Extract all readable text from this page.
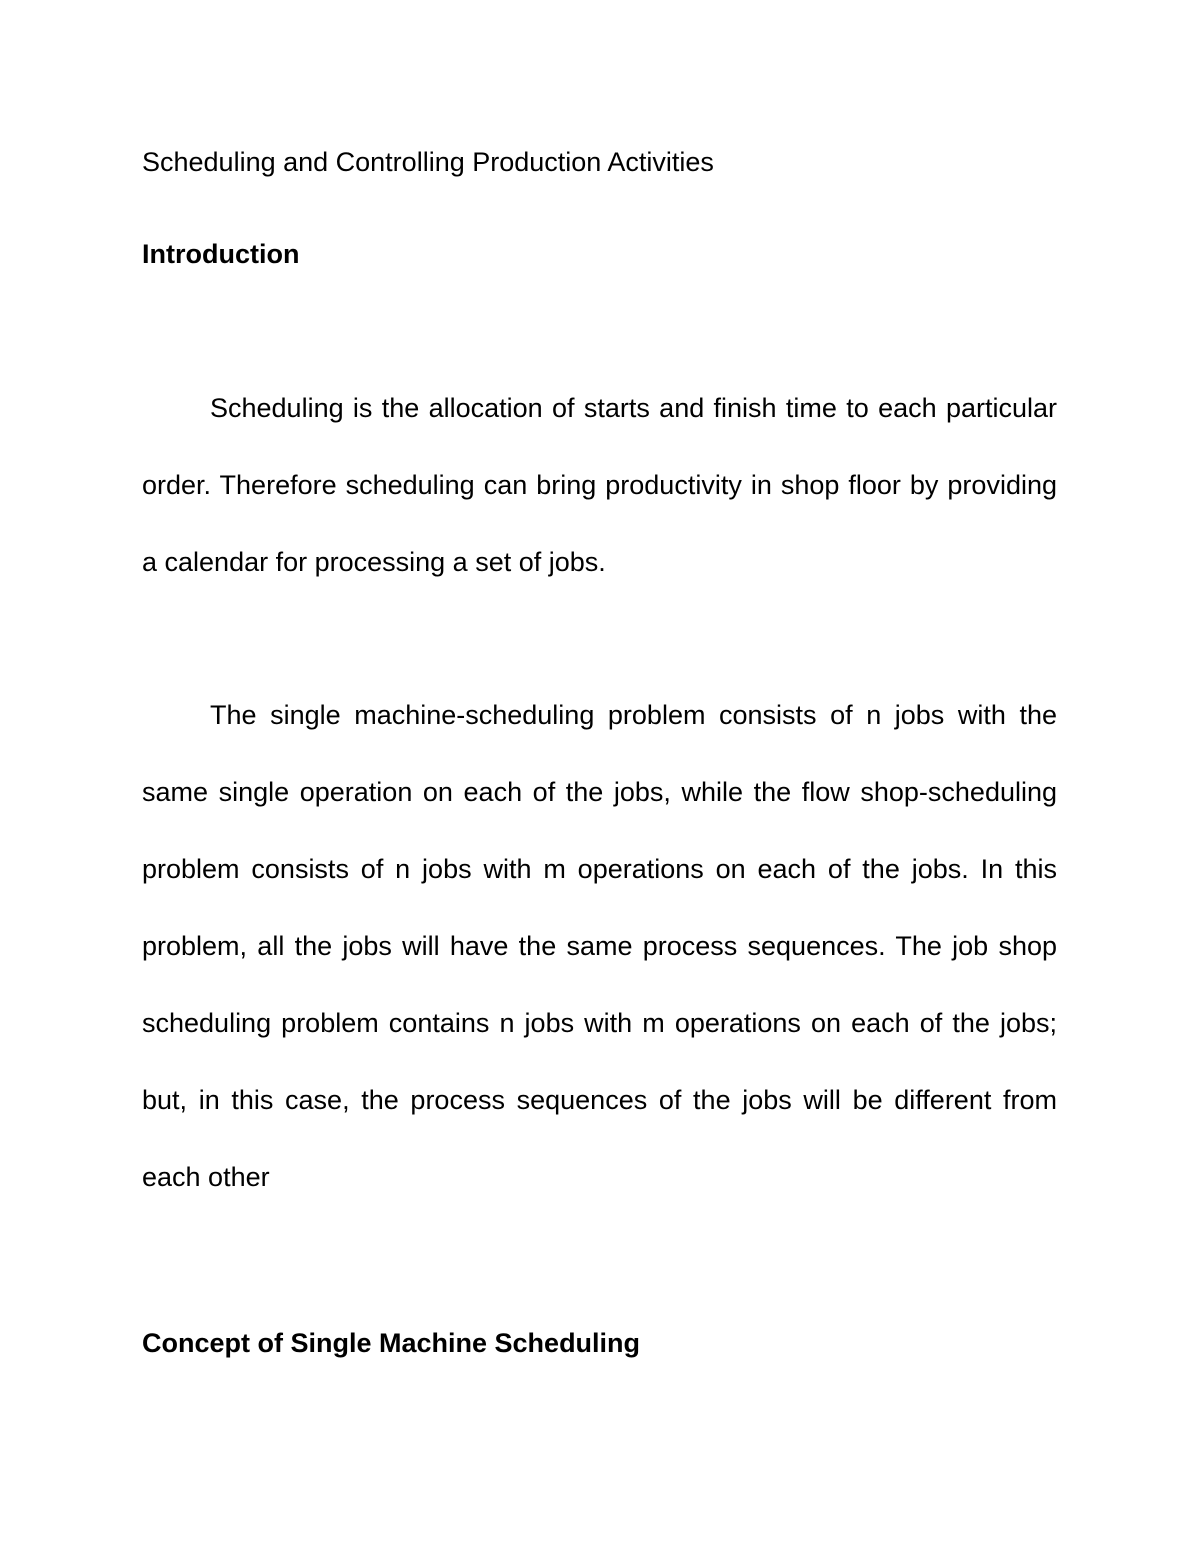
Scheduling and Controlling Production Activities
Introduction

Scheduling is the allocation of starts and finish time to each particular order. Therefore scheduling can bring productivity in shop floor by providing a calendar for processing a set of jobs.

The single machine-scheduling problem consists of n jobs with the same single operation on each of the jobs, while the flow shop-scheduling problem consists of n jobs with m operations on each of the jobs. In this problem, all the jobs will have the same process sequences. The job shop scheduling problem contains n jobs with m operations on each of the jobs; but, in this case, the process sequences of the jobs will be different from each other

Concept of Single Machine Scheduling
